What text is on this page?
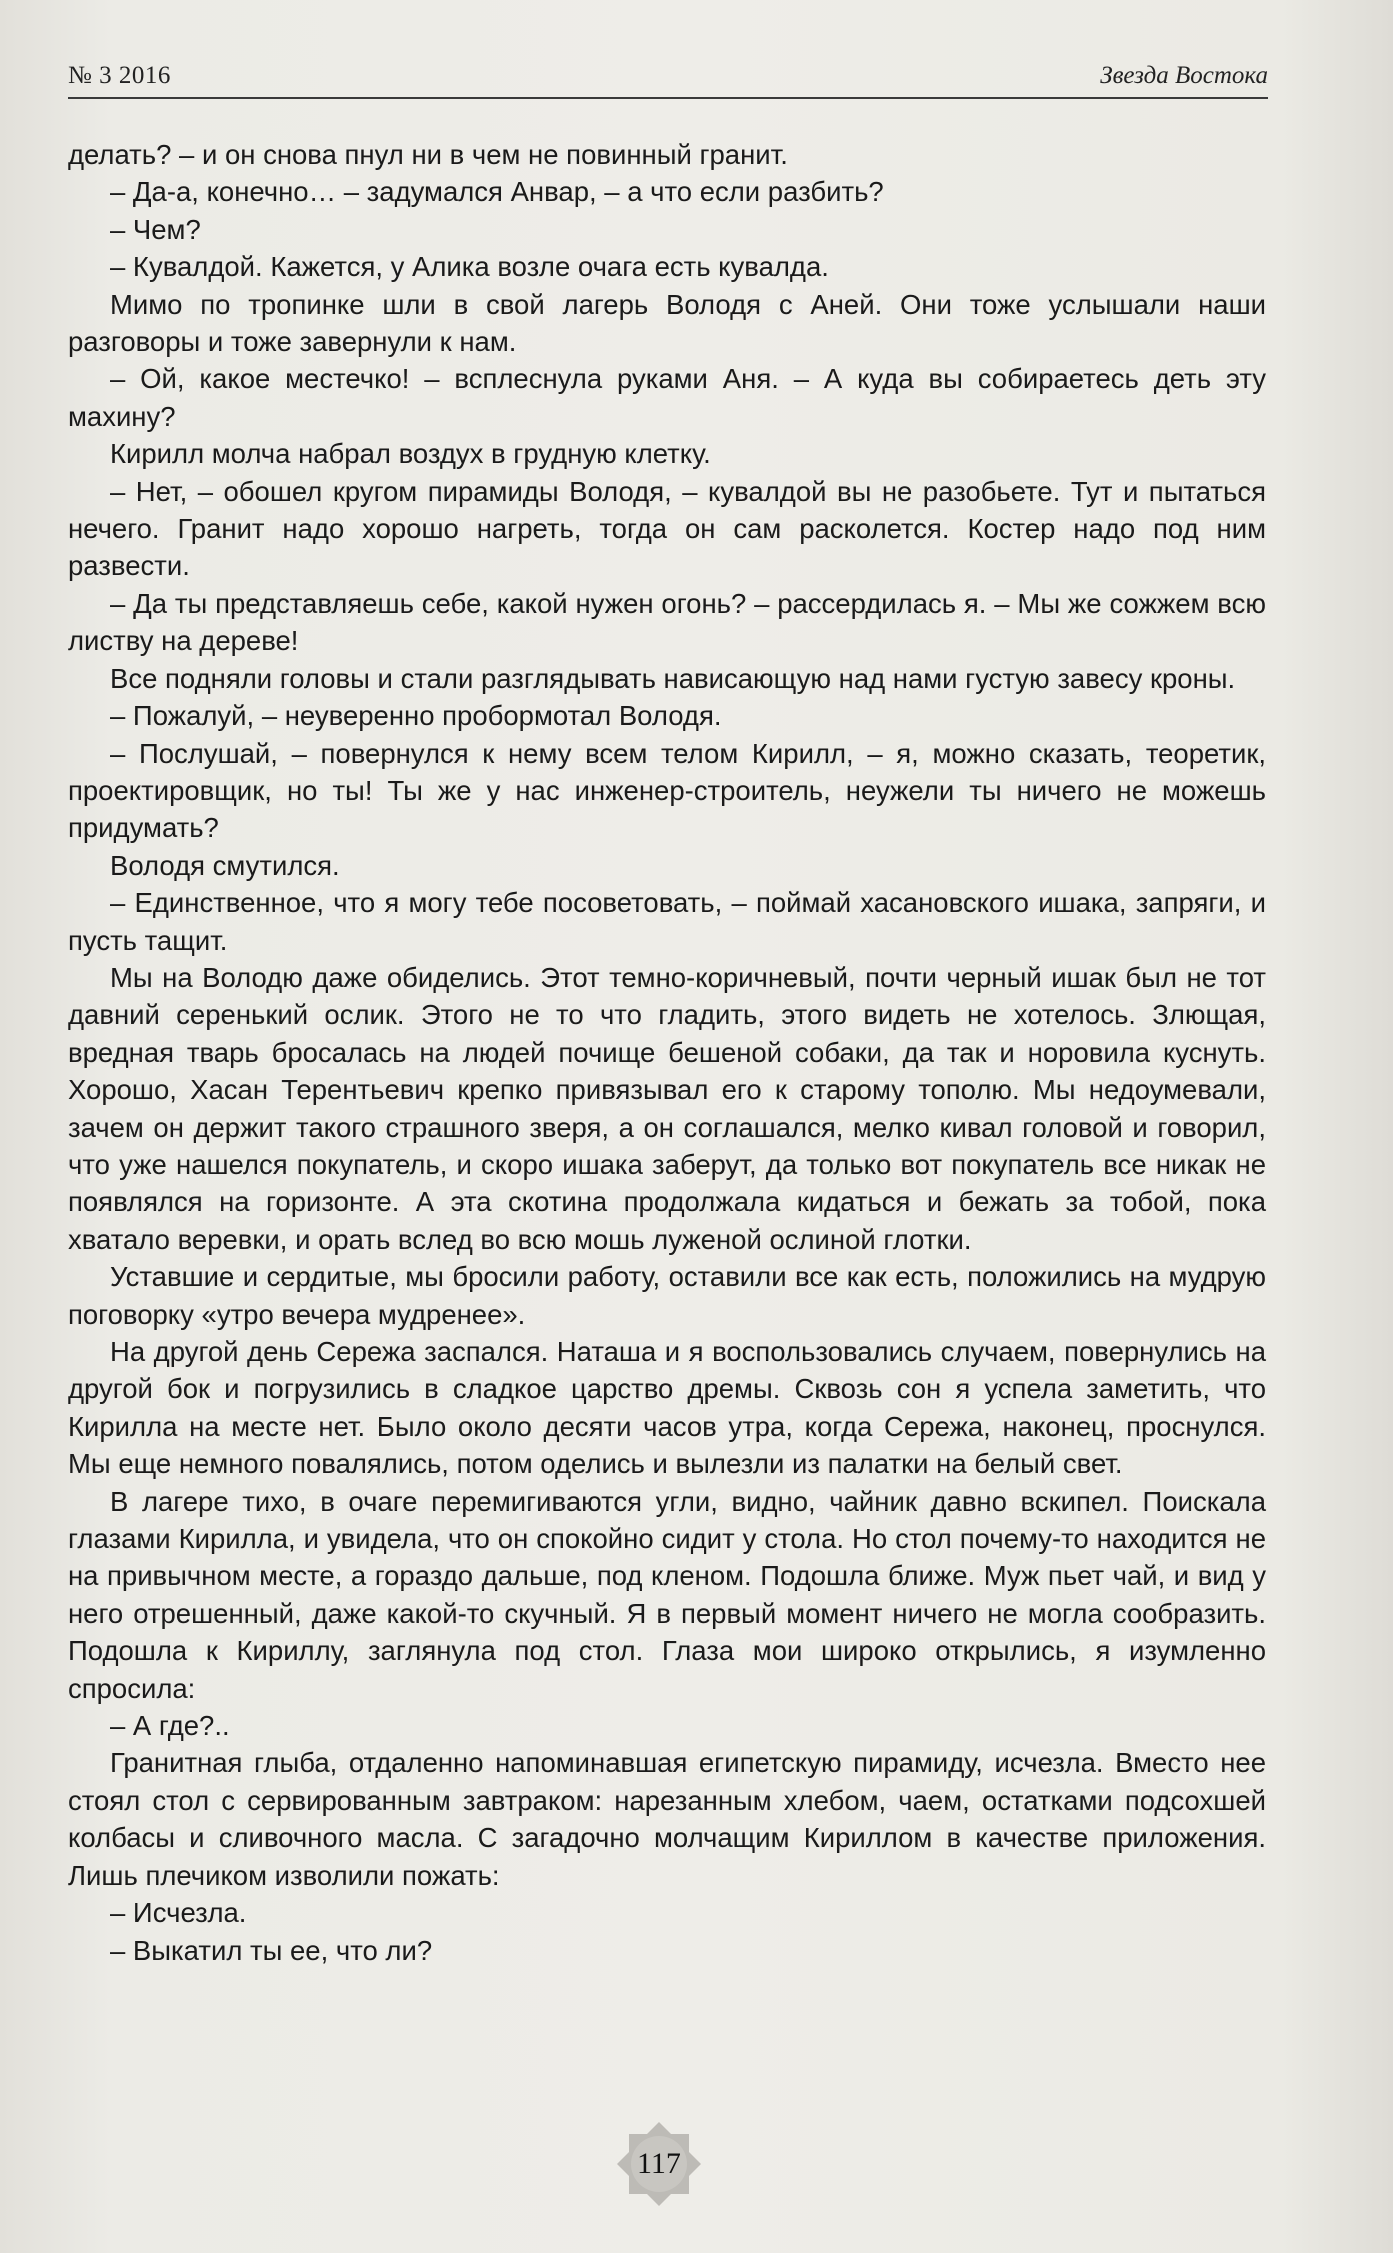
№ 3 2016	Звезда Востока

делать? – и он снова пнул ни в чем не повинный гранит.

– Да-а, конечно… – задумался Анвар, – а что если разбить?

– Чем?

– Кувалдой. Кажется, у Алика возле очага есть кувалда.

Мимо по тропинке шли в свой лагерь Володя с Аней. Они тоже услышали наши разговоры и тоже завернули к нам.

– Ой, какое местечко! – всплеснула руками Аня. – А куда вы собираетесь деть эту махину?

Кирилл молча набрал воздух в грудную клетку.

– Нет, – обошел кругом пирамиды Володя, – кувалдой вы не разобьете. Тут и пытаться нечего. Гранит надо хорошо нагреть, тогда он сам расколется. Костер надо под ним развести.

– Да ты представляешь себе, какой нужен огонь? – рассердилась я. – Мы же сожжем всю листву на дереве!

Все подняли головы и стали разглядывать нависающую над нами густую завесу кроны.

– Пожалуй, – неуверенно пробормотал Володя.

– Послушай, – повернулся к нему всем телом Кирилл, – я, можно сказать, теоретик, проектировщик, но ты! Ты же у нас инженер-строитель, неужели ты ничего не можешь придумать?

Володя смутился.

– Единственное, что я могу тебе посоветовать, – поймай хасановского ишака, запряги, и пусть тащит.

Мы на Володю даже обиделись. Этот темно-коричневый, почти черный ишак был не тот давний серенький ослик. Этого не то что гладить, этого видеть не хотелось. Злющая, вредная тварь бросалась на людей почище бешеной собаки, да так и норовила куснуть. Хорошо, Хасан Терентьевич крепко привязывал его к старому тополю. Мы недоумевали, зачем он держит такого страшного зверя, а он соглашался, мелко кивал головой и говорил, что уже нашелся покупатель, и скоро ишака заберут, да только вот покупатель все никак не появлялся на горизонте. А эта скотина продолжала кидаться и бежать за тобой, пока хватало веревки, и орать вслед во всю мошь луженой ослиной глотки.

Уставшие и сердитые, мы бросили работу, оставили все как есть, положились на мудрую поговорку «утро вечера мудренее».

На другой день Сережа заспался. Наташа и я воспользовались случаем, повернулись на другой бок и погрузились в сладкое царство дремы. Сквозь сон я успела заметить, что Кирилла на месте нет. Было около десяти часов утра, когда Сережа, наконец, проснулся. Мы еще немного повалялись, потом оделись и вылезли из палатки на белый свет.

В лагере тихо, в очаге перемигиваются угли, видно, чайник давно вскипел. Поискала глазами Кирилла, и увидела, что он спокойно сидит у стола. Но стол почему-то находится не на привычном месте, а гораздо дальше, под кленом. Подошла ближе. Муж пьет чай, и вид у него отрешенный, даже какой-то скучный. Я в первый момент ничего не могла сообразить. Подошла к Кириллу, заглянула под стол. Глаза мои широко открылись, я изумленно спросила:

– А где?..

Гранитная глыба, отдаленно напоминавшая египетскую пирамиду, исчезла. Вместо нее стоял стол с сервированным завтраком: нарезанным хлебом, чаем, остатками подсохшей колбасы и сливочного масла. С загадочно молчащим Кириллом в качестве приложения. Лишь плечиком изволили пожать:

– Исчезла.

– Выкатил ты ее, что ли?

117
